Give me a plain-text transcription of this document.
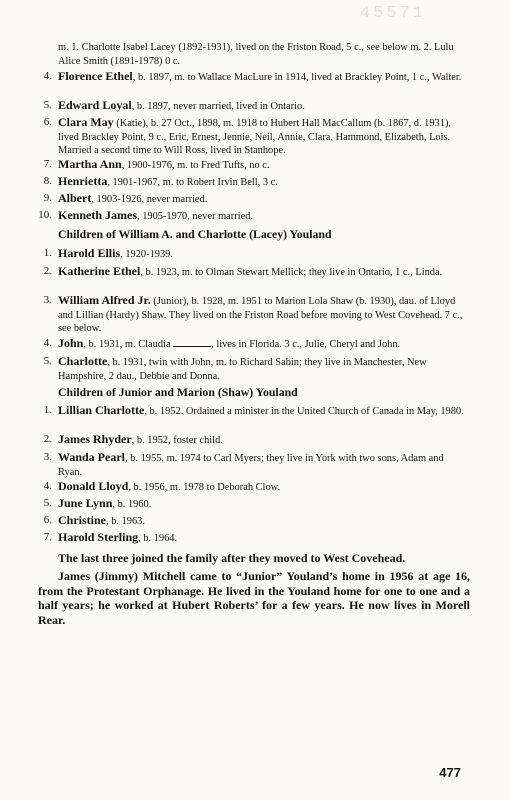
45571
m. 1. Charlotte Isabel Lacey (1892-1931), lived on the Friston Road, 5 c., see below m. 2. Lulu Alice Smith (1891-1978) 0 c.
4. Florence Ethel, b. 1897, m. to Wallace MacLure in 1914, lived at Brackley Point, 1 c., Walter.
5. Edward Loyal, b. 1897, never married, lived in Ontario.
6. Clara May (Katie), b. 27 Oct., 1898, m. 1918 to Hubert Hall MacCallum (b. 1867, d. 1931), lived Brackley Point, 9 c., Eric, Ernest, Jennie, Neil, Annie, Clara, Hammond, Elizabeth, Lois. Married a second time to Will Ross, lived in Stanhope.
7. Martha Ann, 1900-1976, m. to Fred Tufts, no c.
8. Henrietta, 1901-1967, m. to Robert Irvin Bell, 3 c.
9. Albert, 1903-1926, never married.
10. Kenneth James, 1905-1970, never married.
Children of William A. and Charlotte (Lacey) Youland
1. Harold Ellis, 1920-1939.
2. Katherine Ethel, b. 1923, m. to Olman Stewart Mellick; they live in Ontario, 1 c., Linda.
3. William Alfred Jr. (Junior), b. 1928, m. 1951 to Marion Lola Shaw (b. 1930), dau. of Lloyd and Lillian (Hardy) Shaw. They lived on the Friston Road before moving to West Covehead. 7 c., see below.
4. John, b. 1931, m. Claudia	, lives in Florida. 3 c., Julie, Cheryl and John.
5. Charlotte, b. 1931, twin with John, m. to Richard Sabin; they live in Manchester, New Hampshire, 2 dau., Debbie and Donna.
Children of Junior and Marion (Shaw) Youland
1. Lillian Charlotte, b. 1952. Ordained a minister in the United Church of Canada in May, 1980.
2. James Rhyder, b. 1952, foster child.
3. Wanda Pearl, b. 1955, m. 1974 to Carl Myers; they live in York with two sons, Adam and Ryan.
4. Donald Lloyd, b. 1956, m. 1978 to Deborah Clow.
5. June Lynn, b. 1960.
6. Christine, b. 1963.
7. Harold Sterling, b. 1964.

The last three joined the family after they moved to West Covehead.

James (Jimmy) Mitchell came to “Junior” Youland’s home in 1956 at age 16, from the Protestant Orphanage. He lived in the Youland home for one to one and a half years; he worked at Hubert Roberts’ for a few years. He now lives in Morell Rear.

477
